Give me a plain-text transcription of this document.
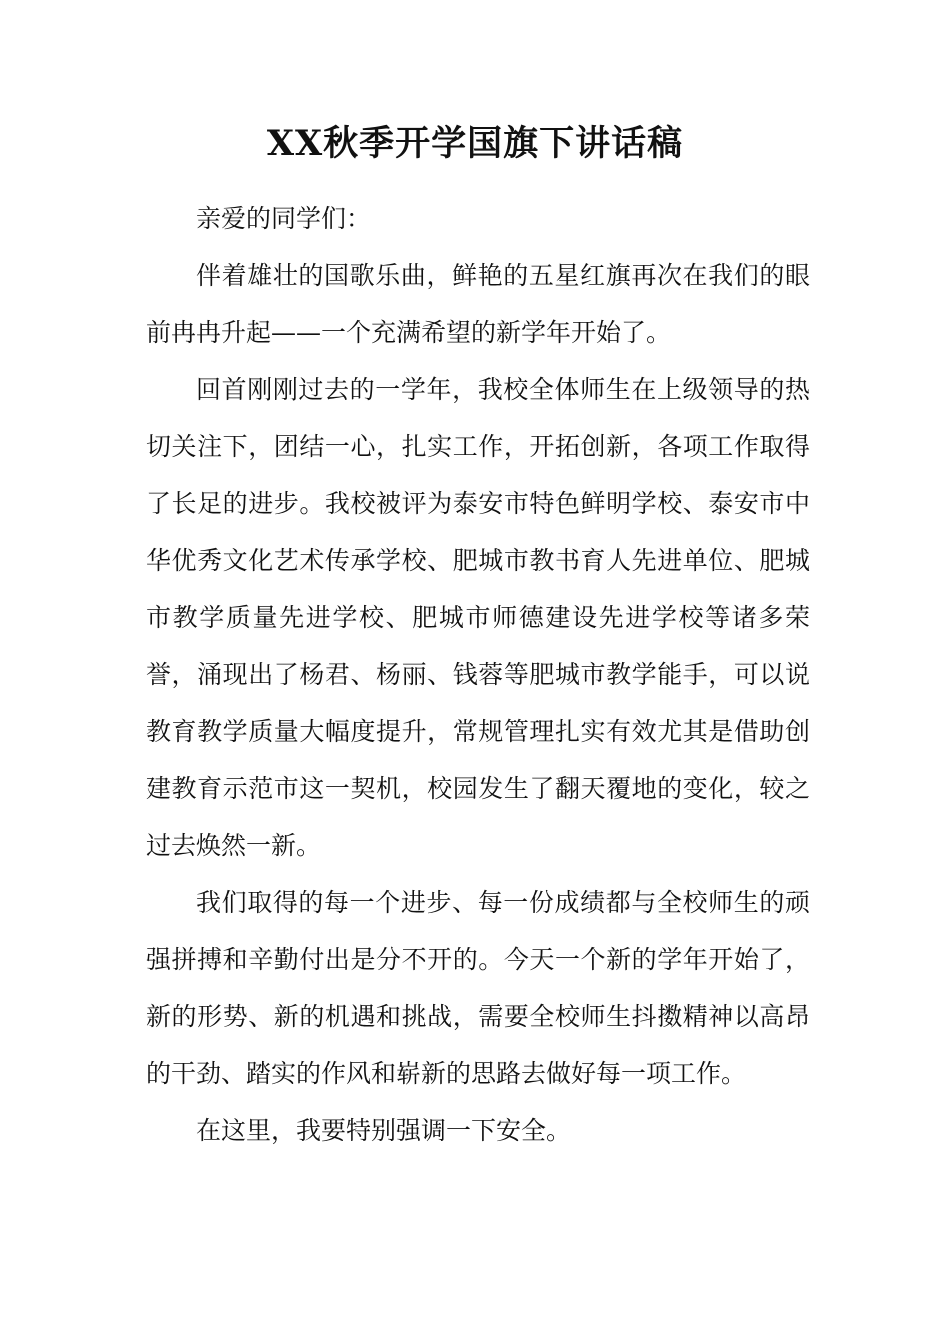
XX秋季开学国旗下讲话稿

亲爱的同学们：

伴着雄壮的国歌乐曲，鲜艳的五星红旗再次在我们的眼前冉冉升起——一个充满希望的新学年开始了。

回首刚刚过去的一学年，我校全体师生在上级领导的热切关注下，团结一心，扎实工作，开拓创新，各项工作取得了长足的进步。我校被评为泰安市特色鲜明学校、泰安市中华优秀文化艺术传承学校、肥城市教书育人先进单位、肥城市教学质量先进学校、肥城市师德建设先进学校等诸多荣誉，涌现出了杨君、杨丽、钱蓉等肥城市教学能手，可以说教育教学质量大幅度提升，常规管理扎实有效尤其是借助创建教育示范市这一契机，校园发生了翻天覆地的变化，较之过去焕然一新。

我们取得的每一个进步、每一份成绩都与全校师生的顽强拼搏和辛勤付出是分不开的。今天一个新的学年开始了，新的形势、新的机遇和挑战，需要全校师生抖擞精神以高昂的干劲、踏实的作风和崭新的思路去做好每一项工作。

在这里，我要特别强调一下安全。
